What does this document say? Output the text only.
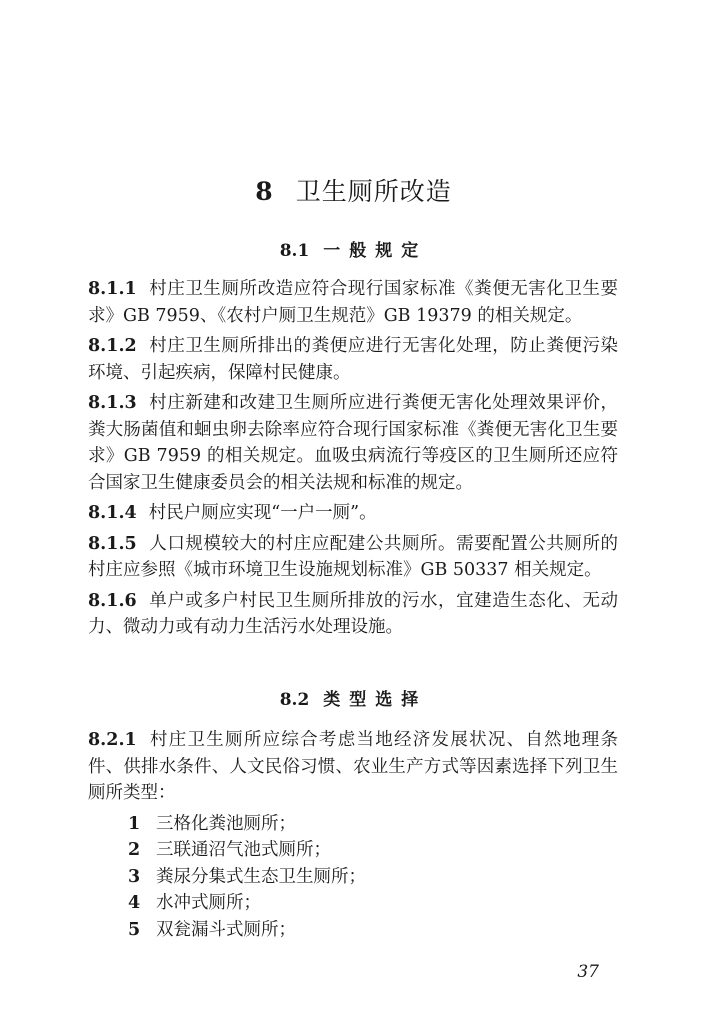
8 卫生厕所改造
8.1 一般规定

8.1.1 村庄卫生厕所改造应符合现行国家标准《粪便无害化卫生要求》GB 7959、《农村户厕卫生规范》GB 19379 的相关规定。

8.1.2 村庄卫生厕所排出的粪便应进行无害化处理，防止粪便污染环境、引起疾病，保障村民健康。

8.1.3 村庄新建和改建卫生厕所应进行粪便无害化处理效果评价，粪大肠菌值和蛔虫卵去除率应符合现行国家标准《粪便无害化卫生要求》GB 7959 的相关规定。血吸虫病流行等疫区的卫生厕所还应符合国家卫生健康委员会的相关法规和标准的规定。

8.1.4 村民户厕应实现“一户一厕”。

8.1.5 人口规模较大的村庄应配建公共厕所。需要配置公共厕所的村庄应参照《城市环境卫生设施规划标准》GB 50337 相关规定。

8.1.6 单户或多户村民卫生厕所排放的污水，宜建造生态化、无动力、微动力或有动力生活污水处理设施。

8.2 类型选择

8.2.1 村庄卫生厕所应综合考虑当地经济发展状况、自然地理条件、供排水条件、人文民俗习惯、农业生产方式等因素选择下列卫生厕所类型：

1 三格化粪池厕所；
2 三联通沼气池式厕所；
3 粪尿分集式生态卫生厕所；
4 水冲式厕所；
5 双瓮漏斗式厕所；
37
